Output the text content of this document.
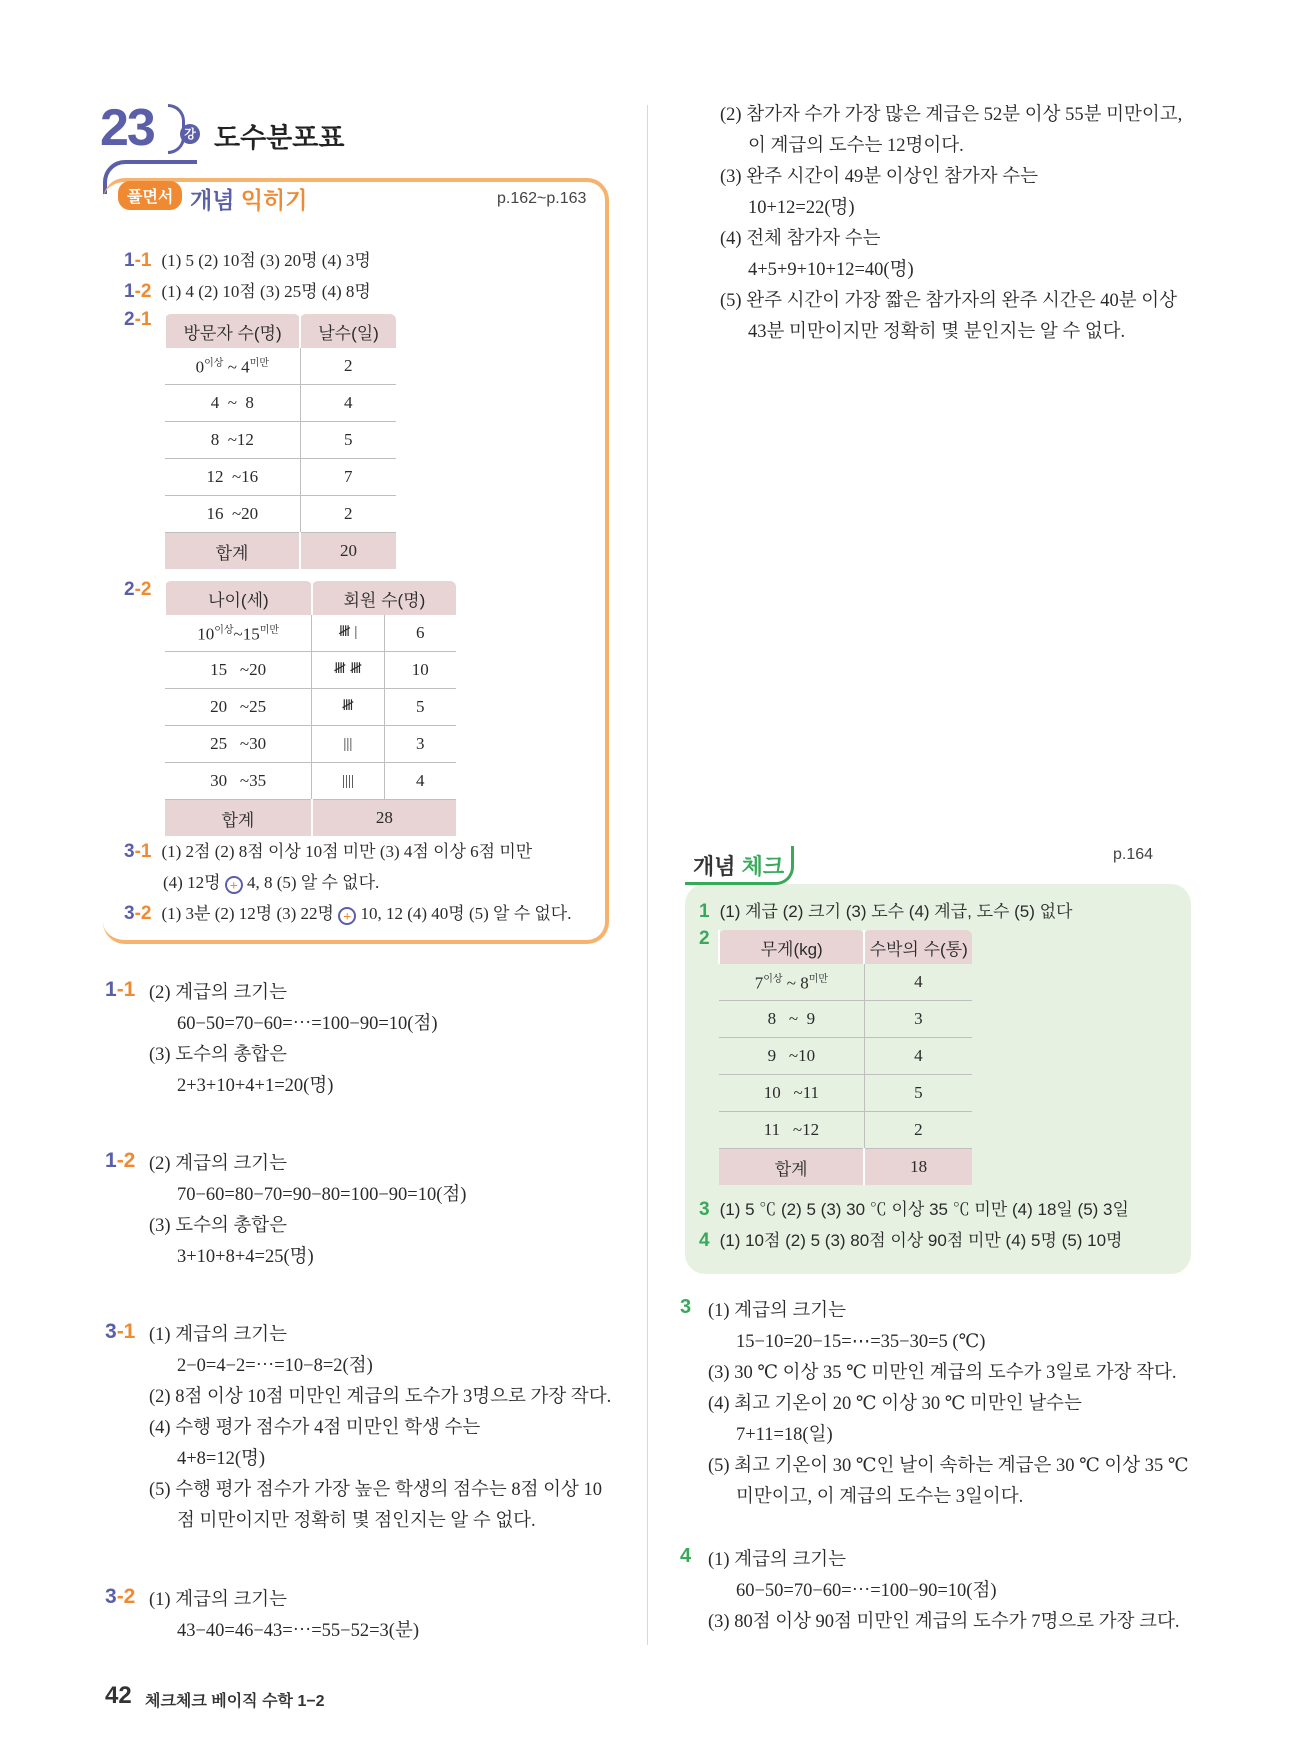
23	강 도수분포표
풀면서 개념 익히기	p.162~p.163
1-1 (1) 5 (2) 10점 (3) 20명 (4) 3명
1-2 (1) 4 (2) 10점 (3) 25명 (4) 8명
2-1
방문자 수(명)	날수(일)
$0^{이상}$ ~ $4^{미만}$	2
4 ~ 8	4
8 ~12	5
12 ~16	7
16 ~20	2
합계	20
2-2	나이(세)	회원 수(명)	
$10^{이상}\sim 15^{미만}$	𝍸 |	6
15 ~20	𝍸 𝍸	10
20 ~25	𝍸	5
25 ~30	|||	3
30 ~35	||||	4
합계	28	
3-1 (1) 2점 (2) 8점 이상 10점 미만 (3) 4점 이상 6점 미만
(4) 12명 + 4, 8 (5) 알 수 없다.
3-2 (1) 3분 (2) 12명 (3) 22명 + 10, 12 (4) 40명 (5) 알 수 없다.
1-1 (2) 계급의 크기는
60−50=70−60=⋯=100−90=10(점)
(3) 도수의 총합은
2+3+10+4+1=20(명)
1-2 (2) 계급의 크기는
70−60=80−70=90−80=100−90=10(점)
(3) 도수의 총합은
3+10+8+4=25(명)
3-1 (1) 계급의 크기는
2−0=4−2=⋯=10−8=2(점)
(2) 8점 이상 10점 미만인 계급의 도수가 3명으로 가장 작다.
(4) 수행 평가 점수가 4점 미만인 학생 수는
4+8=12(명)
(5) 수행 평가 점수가 가장 높은 학생의 점수는 8점 이상 10
점 미만이지만 정확히 몇 점인지는 알 수 없다.
3-2 (1) 계급의 크기는
43−40=46−43=⋯=55−52=3(분)
(2) 참가자 수가 가장 많은 계급은 52분 이상 55분 미만이고,
이 계급의 도수는 12명이다.
(3) 완주 시간이 49분 이상인 참가자 수는
10+12=22(명)
(4) 전체 참가자 수는
4+5+9+10+12=40(명)
(5) 완주 시간이 가장 짧은 참가자의 완주 시간은 40분 이상
43분 미만이지만 정확히 몇 분인지는 알 수 없다.
개념 체크	p.164
1 (1) 계급 (2) 크기 (3) 도수 (4) 계급, 도수 (5) 없다
2	무게(kg)	수박의 수(통)
$7^{이상}$ ~ $8^{미만}$	4
8 ~ 9	3
9 ~10	4
10 ~11	5
11 ~12	2
합계	18
3 (1) 5 ℃ (2) 5 (3) 30 ℃ 이상 35 ℃ 미만 (4) 18일 (5) 3일
4 (1) 10점 (2) 5 (3) 80점 이상 90점 미만 (4) 5명 (5) 10명
3 (1) 계급의 크기는
15−10=20−15=⋯=35−30=5 (℃)
(3) 30 ℃ 이상 35 ℃ 미만인 계급의 도수가 3일로 가장 작다.
(4) 최고 기온이 20 ℃ 이상 30 ℃ 미만인 날수는
7+11=18(일)
(5) 최고 기온이 30 ℃인 날이 속하는 계급은 30 ℃ 이상 35 ℃
미만이고, 이 계급의 도수는 3일이다.
4 (1) 계급의 크기는
60−50=70−60=⋯=100−90=10(점)
(3) 80점 이상 90점 미만인 계급의 도수가 7명으로 가장 크다.
42 체크체크 베이직 수학 1−2
